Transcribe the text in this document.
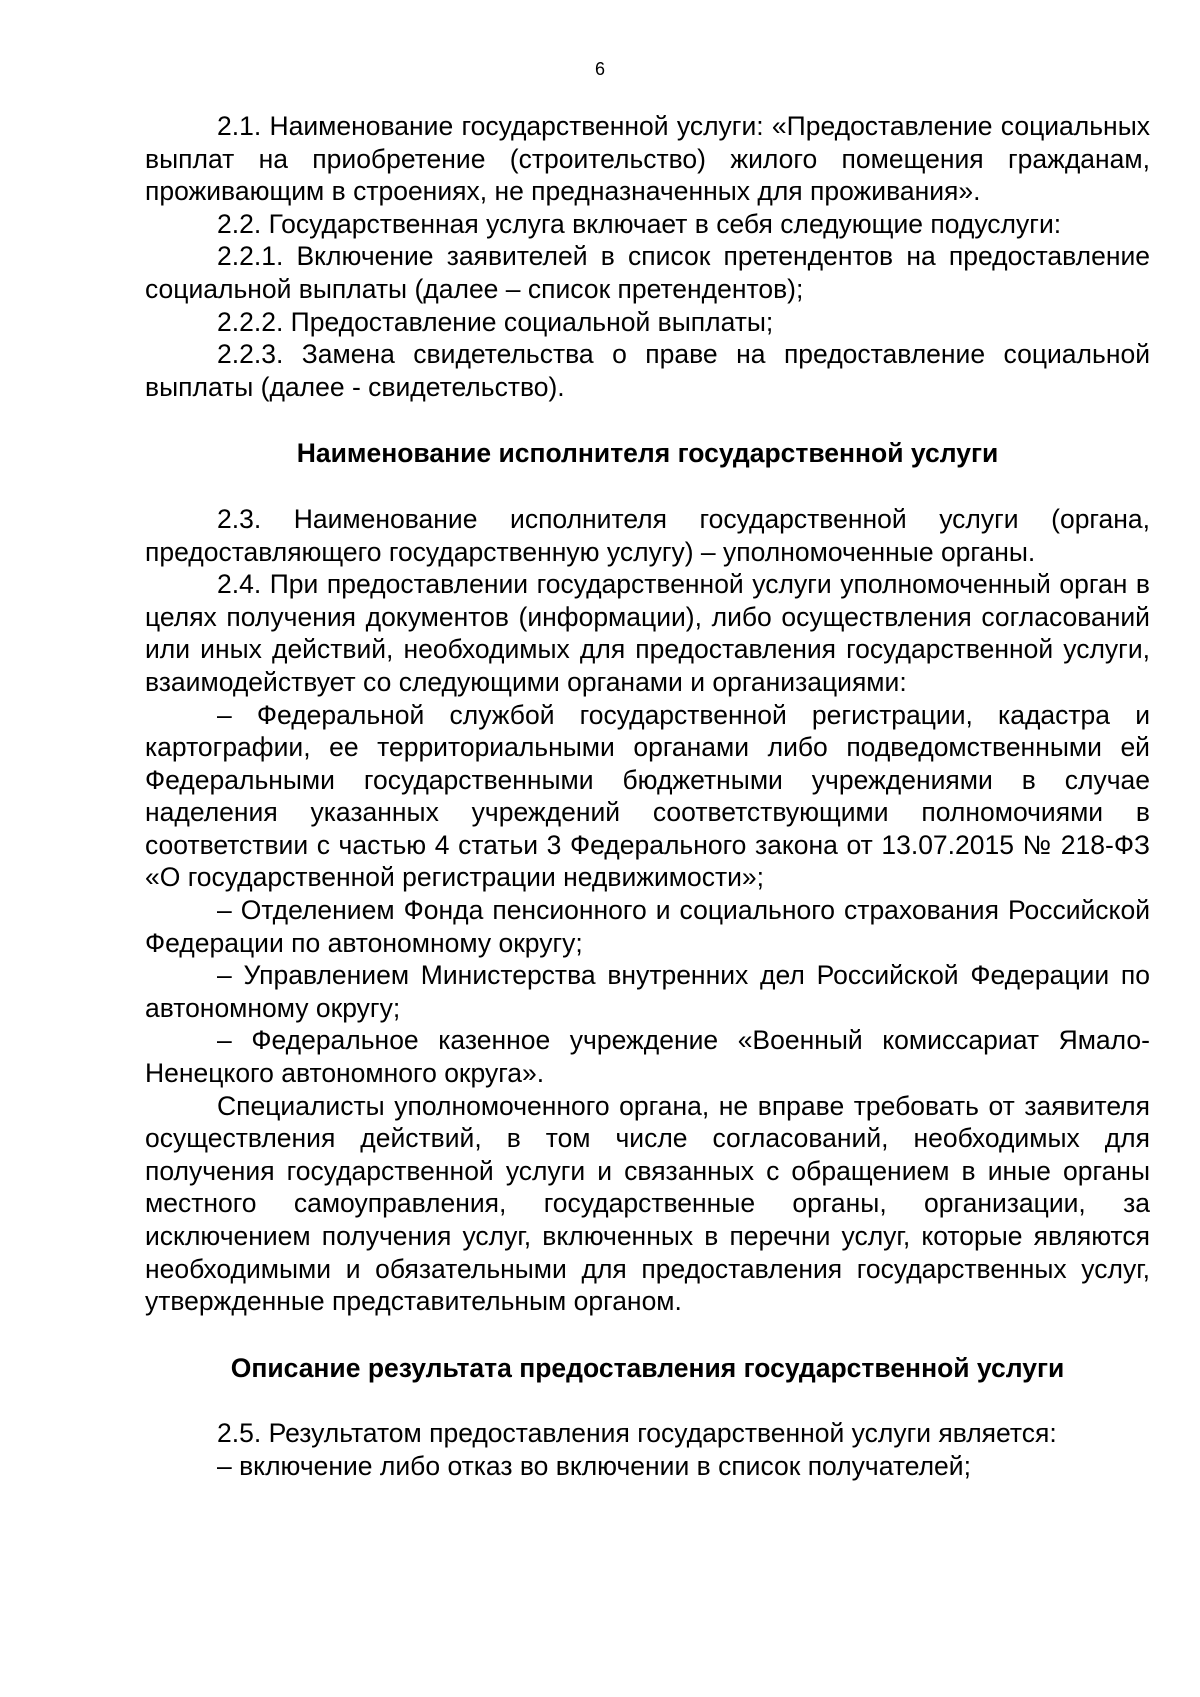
6

2.1. Наименование государственной услуги: «Предоставление социальных выплат на приобретение (строительство) жилого помещения гражданам, проживающим в строениях, не предназначенных для проживания».

2.2. Государственная услуга включает в себя следующие подуслуги:

2.2.1. Включение заявителей в список претендентов на предоставление социальной выплаты (далее – список претендентов);

2.2.2. Предоставление социальной выплаты;

2.2.3. Замена свидетельства о праве на предоставление социальной выплаты (далее - свидетельство).

Наименование исполнителя государственной услуги

2.3. Наименование исполнителя государственной услуги (органа, предоставляющего государственную услугу) – уполномоченные органы.

2.4. При предоставлении государственной услуги уполномоченный орган в целях получения документов (информации), либо осуществления согласований или иных действий, необходимых для предоставления государственной услуги, взаимодействует со следующими органами и организациями:

– Федеральной службой государственной регистрации, кадастра и картографии, ее территориальными органами либо подведомственными ей Федеральными государственными бюджетными учреждениями в случае наделения указанных учреждений соответствующими полномочиями в соответствии с частью 4 статьи 3 Федерального закона от 13.07.2015 № 218-ФЗ «О государственной регистрации недвижимости»;

– Отделением Фонда пенсионного и социального страхования Российской Федерации по автономному округу;

– Управлением Министерства внутренних дел Российской Федерации по автономному округу;

– Федеральное казенное учреждение «Военный комиссариат Ямало-Ненецкого автономного округа».

Специалисты уполномоченного органа, не вправе требовать от заявителя осуществления действий, в том числе согласований, необходимых для получения государственной услуги и связанных с обращением в иные органы местного самоуправления, государственные органы, организации, за исключением получения услуг, включенных в перечни услуг, которые являются необходимыми и обязательными для предоставления государственных услуг, утвержденные представительным органом.

Описание результата предоставления государственной услуги

2.5. Результатом предоставления государственной услуги является:

– включение либо отказ во включении в список получателей;
